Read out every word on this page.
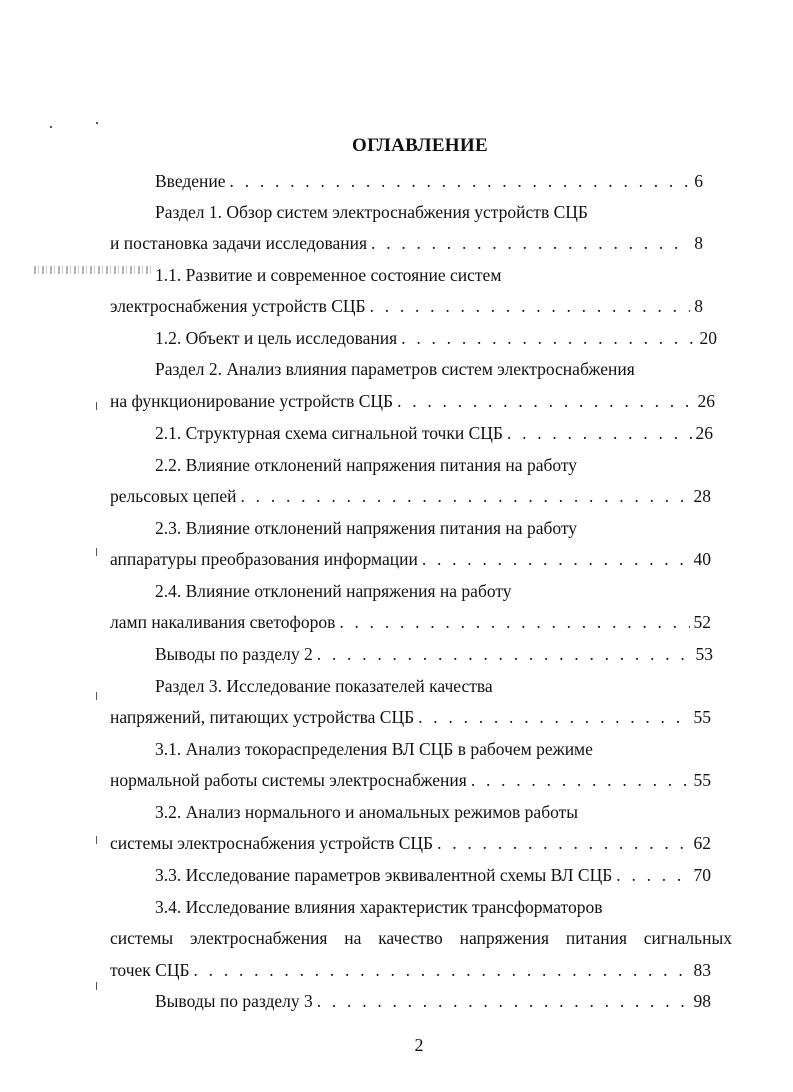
ОГЛАВЛЕНИЕ
Введение . . .	6
Раздел 1. Обзор систем электроснабжения устройств СЦБ
и постановка задачи исследования . . .	8
1.1. Развитие и современное состояние систем
электроснабжения устройств СЦБ . . .	8
1.2. Объект и цель исследования . . .	20
Раздел 2. Анализ влияния параметров систем электроснабжения
на функционирование устройств СЦБ . . .	26
2.1. Структурная схема сигнальной точки СЦБ . . .	26
2.2. Влияние отклонений напряжения питания на работу
рельсовых цепей . . .	28
2.3. Влияние отклонений напряжения питания на работу
аппаратуры преобразования информации . . .	40
2.4. Влияние отклонений напряжения на работу
ламп накаливания светофоров . . .	52
Выводы по разделу 2 . . .	53
Раздел 3. Исследование показателей качества
напряжений, питающих устройства СЦБ . . .	55
3.1. Анализ токораспределения ВЛ СЦБ в рабочем режиме
нормальной работы системы электроснабжения . . .	55
3.2. Анализ нормального и аномальных режимов работы
системы электроснабжения устройств СЦБ . . .	62
3.3. Исследование параметров эквивалентной схемы ВЛ СЦБ . . .	70
3.4. Исследование влияния характеристик трансформаторов
системы электроснабжения на качество напряжения питания сигнальных
точек СЦБ . . .	83
Выводы по разделу 3 . . .	98
2
